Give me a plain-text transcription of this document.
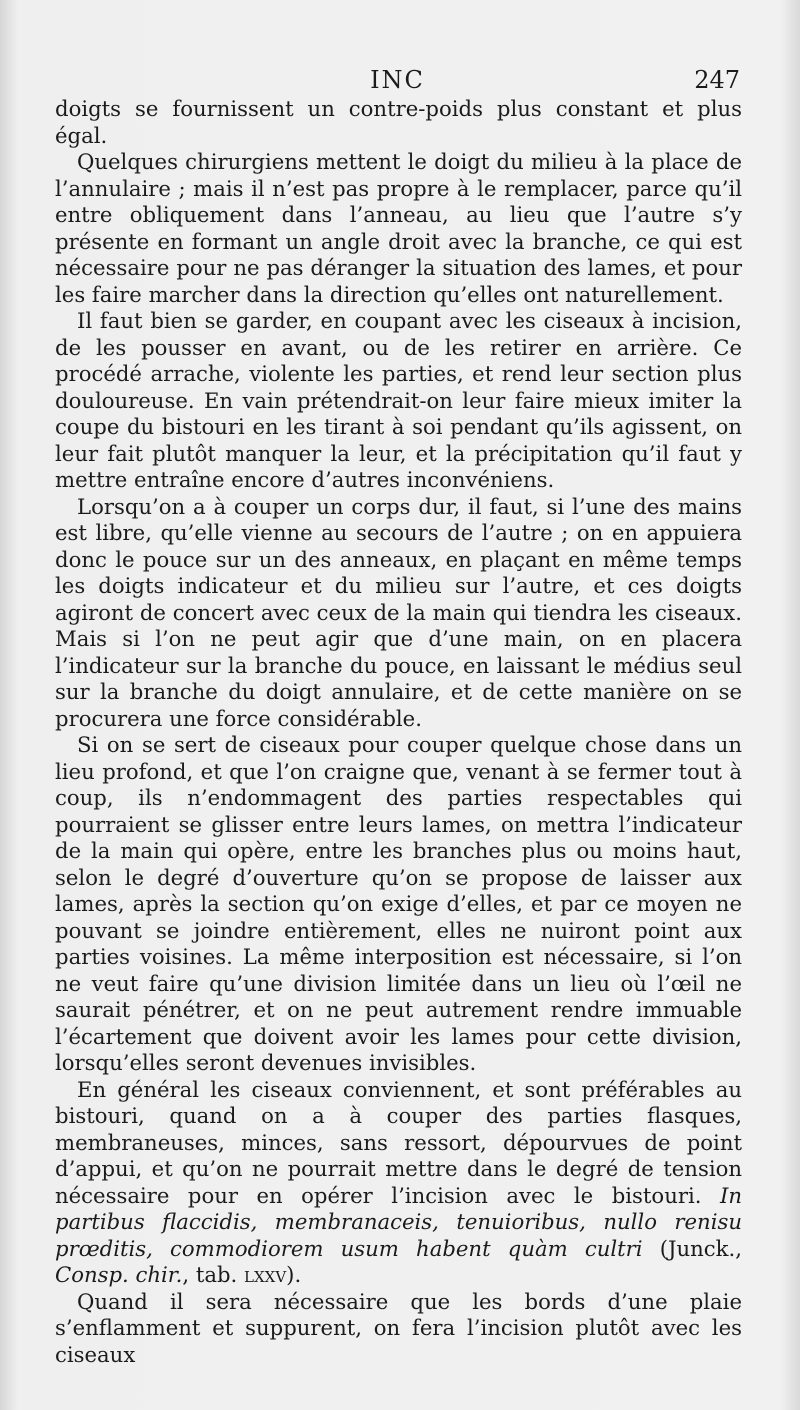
INC	247

doigts se fournissent un contre-poids plus constant et plus égal.

Quelques chirurgiens mettent le doigt du milieu à la place de l’annulaire ; mais il n’est pas propre à le remplacer, parce qu’il entre obliquement dans l’anneau, au lieu que l’autre s’y présente en formant un angle droit avec la branche, ce qui est nécessaire pour ne pas déranger la situation des lames, et pour les faire marcher dans la direction qu’elles ont naturellement.

Il faut bien se garder, en coupant avec les ciseaux à incision, de les pousser en avant, ou de les retirer en arrière. Ce procédé arrache, violente les parties, et rend leur section plus douloureuse. En vain prétendrait-on leur faire mieux imiter la coupe du bistouri en les tirant à soi pendant qu’ils agissent, on leur fait plutôt manquer la leur, et la précipitation qu’il faut y mettre entraîne encore d’autres inconvéniens.

Lorsqu’on a à couper un corps dur, il faut, si l’une des mains est libre, qu’elle vienne au secours de l’autre ; on en appuiera donc le pouce sur un des anneaux, en plaçant en même temps les doigts indicateur et du milieu sur l’autre, et ces doigts agiront de concert avec ceux de la main qui tiendra les ciseaux. Mais si l’on ne peut agir que d’une main, on en placera l’indicateur sur la branche du pouce, en laissant le médius seul sur la branche du doigt annulaire, et de cette manière on se procurera une force considérable.

Si on se sert de ciseaux pour couper quelque chose dans un lieu profond, et que l’on craigne que, venant à se fermer tout à coup, ils n’endommagent des parties respectables qui pourraient se glisser entre leurs lames, on mettra l’indicateur de la main qui opère, entre les branches plus ou moins haut, selon le degré d’ouverture qu’on se propose de laisser aux lames, après la section qu’on exige d’elles, et par ce moyen ne pouvant se joindre entièrement, elles ne nuiront point aux parties voisines. La même interposition est nécessaire, si l’on ne veut faire qu’une division limitée dans un lieu où l’œil ne saurait pénétrer, et on ne peut autrement rendre immuable l’écartement que doivent avoir les lames pour cette division, lorsqu’elles seront devenues invisibles.

En général les ciseaux conviennent, et sont préférables au bistouri, quand on a à couper des parties flasques, membraneuses, minces, sans ressort, dépourvues de point d’appui, et qu’on ne pourrait mettre dans le degré de tension nécessaire pour en opérer l’incision avec le bistouri. In partibus flaccidis, membranaceis, tenuioribus, nullo renisu prœditis, commodiorem usum habent quàm cultri (Junck., Consp. chir., tab. lxxv).

Quand il sera nécessaire que les bords d’une plaie s’enflamment et suppurent, on fera l’incision plutôt avec les ciseaux
